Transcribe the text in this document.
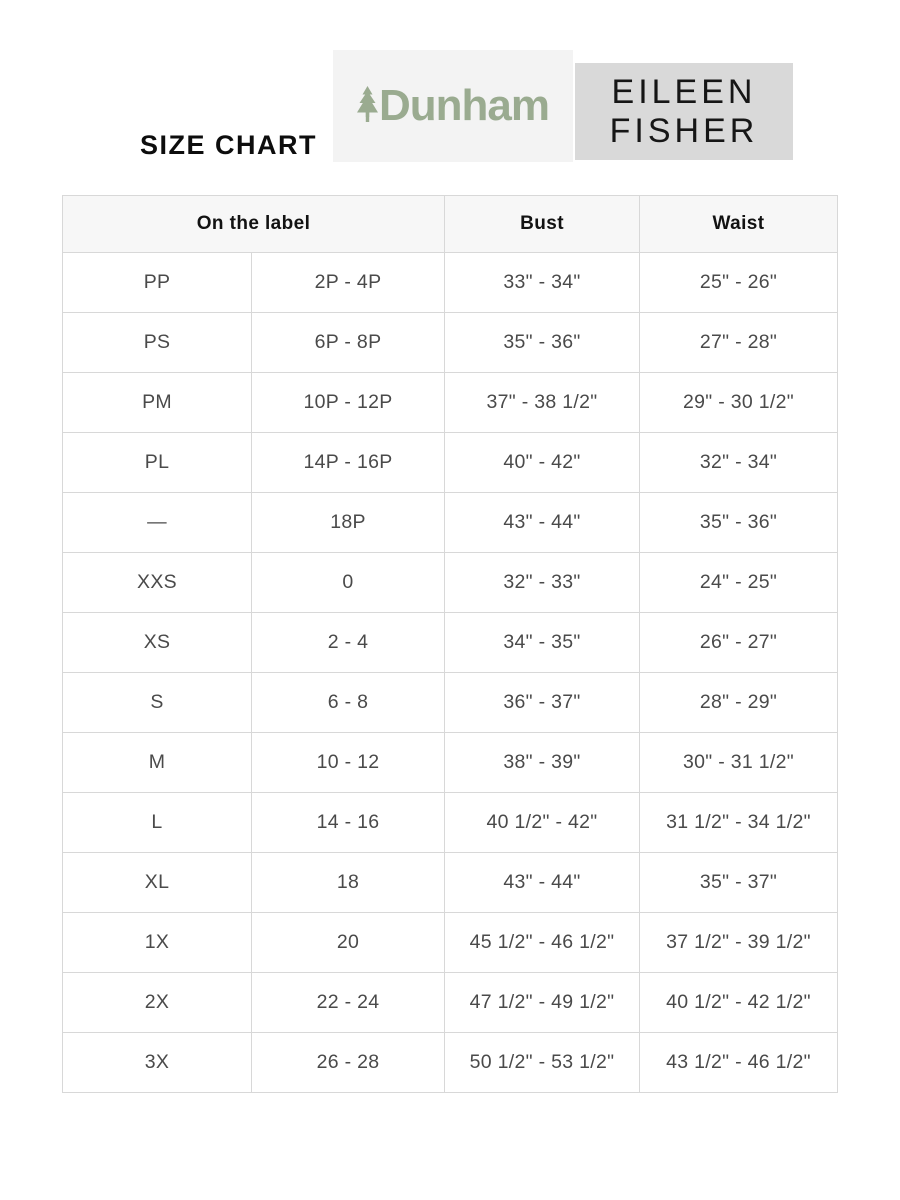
SIZE CHART
Dunham EILEEN
FISHER
On the label		Bust	Waist
PP	2P - 4P	33" - 34"	25" - 26"
PS	6P - 8P	35" - 36"	27" - 28"
PM	10P - 12P	37" - 38 1/2"	29" - 30 1/2"
PL	14P - 16P	40" - 42"	32" - 34"
—	18P	43" - 44"	35" - 36"
XXS	0	32" - 33"	24" - 25"
XS	2 - 4	34" - 35"	26" - 27"
S	6 - 8	36" - 37"	28" - 29"
M	10 - 12	38" - 39"	30" - 31 1/2"
L	14 - 16	40 1/2" - 42"	31 1/2" - 34 1/2"
XL	18	43" - 44"	35" - 37"
1X	20	45 1/2" - 46 1/2"	37 1/2" - 39 1/2"
2X	22 - 24	47 1/2" - 49 1/2"	40 1/2" - 42 1/2"
3X	26 - 28	50 1/2" - 53 1/2"	43 1/2" - 46 1/2"
